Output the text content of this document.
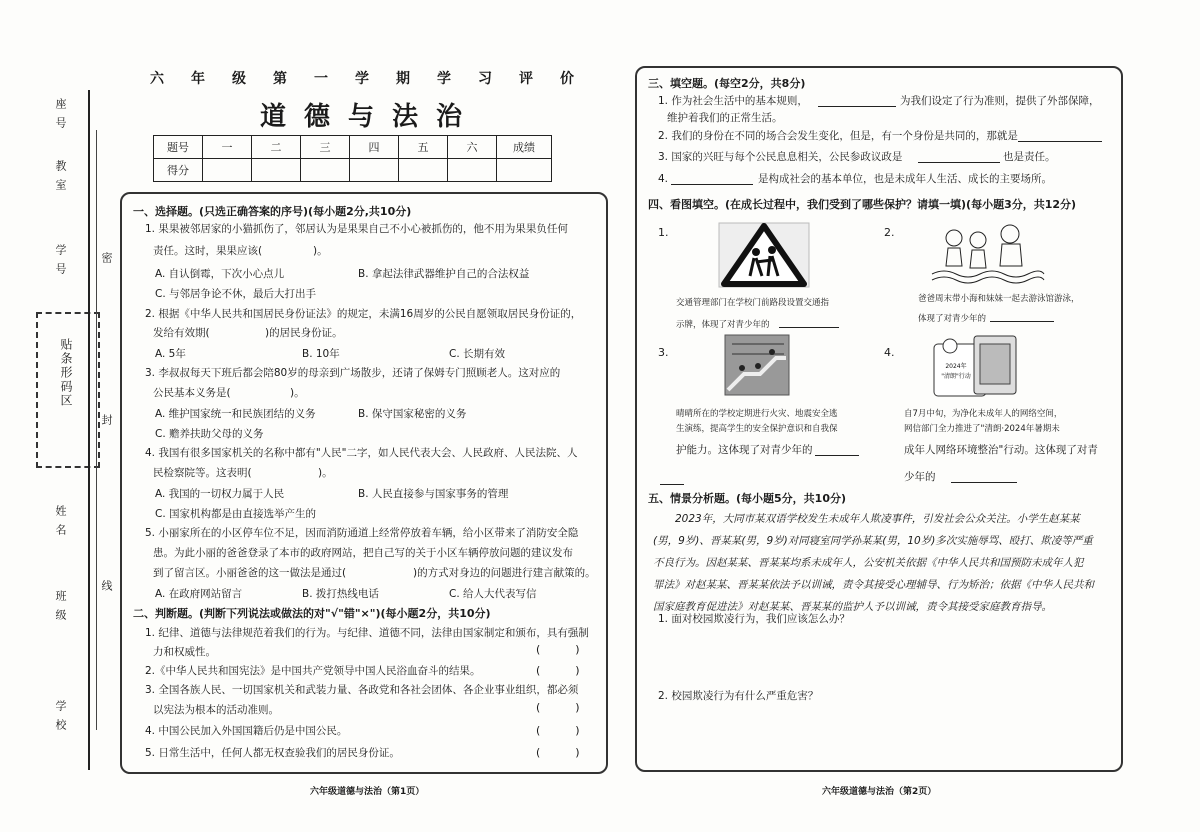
座号
教室
学号
贴条形码区
姓名
班级
学校
密
封
线
六年级第一学期学习评价
道德与法治
题号	一	二	三	四	五	六	成绩
得分							
一、选择题。(只选正确答案的序号)(每小题2分,共10分)
1. 果果被邻居家的小猫抓伤了，邻居认为是果果自己不小心被抓伤的，他不用为果果负任何
责任。这时，果果应该(	)。
A. 自认倒霉，下次小心点儿	B. 拿起法律武器维护自己的合法权益
C. 与邻居争论不休，最后大打出手
2. 根据《中华人民共和国居民身份证法》的规定，未满16周岁的公民自愿领取居民身份证的，
发给有效期(	)的居民身份证。
A. 5年	B. 10年	C. 长期有效
3. 李叔叔每天下班后都会陪80岁的母亲到广场散步，还请了保姆专门照顾老人。这对应的
公民基本义务是(	)。
A. 维护国家统一和民族团结的义务	B. 保守国家秘密的义务
C. 赡养扶助父母的义务
4. 我国有很多国家机关的名称中都有"人民"二字，如人民代表大会、人民政府、人民法院、人
民检察院等。这表明(	)。
A. 我国的一切权力属于人民	B. 人民直接参与国家事务的管理
C. 国家机构都是由直接选举产生的
5. 小丽家所在的小区停车位不足，因而消防通道上经常停放着车辆，给小区带来了消防安全隐
患。为此小丽的爸爸登录了本市的政府网站，把自己写的关于小区车辆停放问题的建议发布
到了留言区。小丽爸爸的这一做法是通过(	)的方式对身边的问题进行建言献策的。
A. 在政府网站留言	B. 拨打热线电话	C. 给人大代表写信
二、判断题。(判断下列说法或做法的对"√"错"×")(每小题2分，共10分)
1. 纪律、道德与法律规范着我们的行为。与纪律、道德不同，法律由国家制定和颁布，具有强制
力和权威性。	(          )
2.《中华人民共和国宪法》是中国共产党领导中国人民浴血奋斗的结果。	(          )
3. 全国各族人民、一切国家机关和武装力量、各政党和各社会团体、各企业事业组织，都必须
以宪法为根本的活动准则。	(          )
4. 中国公民加入外国国籍后仍是中国公民。	(          )
5. 日常生活中，任何人都无权查验我们的居民身份证。	(          )
六年级道德与法治（第1页）
三、填空题。(每空2分，共8分)
1. 作为社会生活中的基本规则，	为我们设定了行为准则，提供了外部保障，
维护着我们的正常生活。
2. 我们的身份在不同的场合会发生变化，但是，有一个身份是共同的，那就是
3. 国家的兴旺与每个公民息息相关，公民参政议政是	也是责任。
4.	是构成社会的基本单位，也是未成年人生活、成长的主要场所。
四、看图填空。(在成长过程中，我们受到了哪些保护？请填一填)(每小题3分，共12分)
1.
交通管理部门在学校门前路段设置交通指
示牌，体现了对青少年的
2.
爸爸周末带小海和妹妹一起去游泳馆游泳，
体现了对青少年的
3.
晴晴所在的学校定期进行火灾、地震安全逃
生演练，提高学生的安全保护意识和自我保
护能力。这体现了对青少年的
4.
2024年
"清朗"行动
自7月中旬，为净化未成年人的网络空间，
网信部门全力推进了"清朗·2024年暑期未
成年人网络环境整治"行动。这体现了对青
少年的
五、情景分析题。(每小题5分，共10分)
2023年，大同市某双语学校发生未成年人欺凌事件，引发社会公众关注。小学生赵某某
(男，9岁)、晋某某(男，9岁)对同寝室同学孙某某(男，10岁)多次实施辱骂、殴打、欺凌等严重
不良行为。因赵某某、晋某某均系未成年人，公安机关依据《中华人民共和国预防未成年人犯
罪法》对赵某某、晋某某依法予以训诫，责令其接受心理辅导、行为矫治；依据《中华人民共和
国家庭教育促进法》对赵某某、晋某某的监护人予以训诫，责令其接受家庭教育指导。
1. 面对校园欺凌行为，我们应该怎么办？
2. 校园欺凌行为有什么严重危害？
六年级道德与法治（第2页）
